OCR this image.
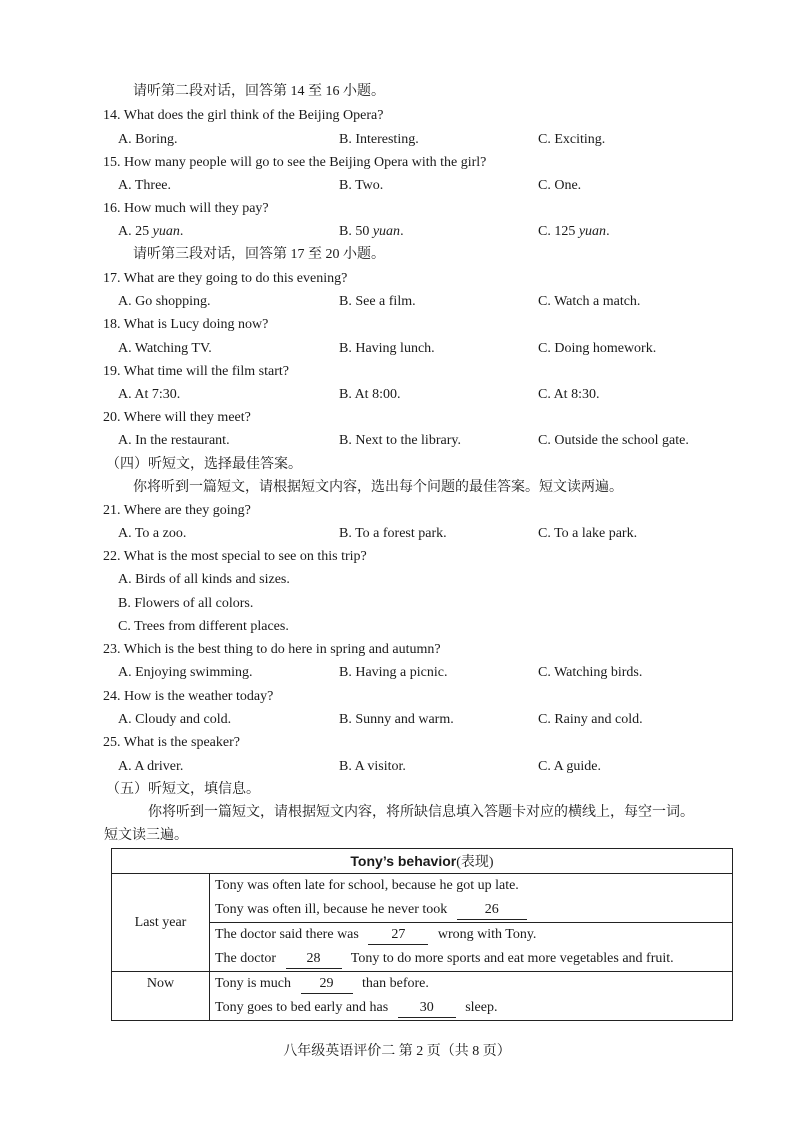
请听第二段对话，回答第 14 至 16 小题。
14. What does the girl think of the Beijing Opera?
A. Boring.	B. Interesting.	C. Exciting.
15. How many people will go to see the Beijing Opera with the girl?
A. Three.	B. Two.	C. One.
16. How much will they pay?
A. 25 yuan.	B. 50 yuan.	C. 125 yuan.
请听第三段对话，回答第 17 至 20 小题。
17. What are they going to do this evening?
A. Go shopping.	B. See a film.	C. Watch a match.
18. What is Lucy doing now?
A. Watching TV.	B. Having lunch.	C. Doing homework.
19. What time will the film start?
A. At 7:30.	B. At 8:00.	C. At 8:30.
20. Where will they meet?
A. In the restaurant.	B. Next to the library.	C. Outside the school gate.
（四）听短文，选择最佳答案。
你将听到一篇短文，请根据短文内容，选出每个问题的最佳答案。短文读两遍。
21. Where are they going?
A. To a zoo.	B. To a forest park.	C. To a lake park.
22. What is the most special to see on this trip?
A. Birds of all kinds and sizes.
B. Flowers of all colors.
C. Trees from different places.
23. Which is the best thing to do here in spring and autumn?
A. Enjoying swimming.	B. Having a picnic.	C. Watching birds.
24. How is the weather today?
A. Cloudy and cold.	B. Sunny and warm.	C. Rainy and cold.
25. What is the speaker?
A. A driver.	B. A visitor.	C. A guide.
（五）听短文，填信息。
你将听到一篇短文，请根据短文内容，将所缺信息填入答题卡对应的横线上，每空一词。
短文读三遍。
Tony’s behavior(表现)	
Last year	Tony was often late for school, because he got up late.
Tony was often ill, because he never took 26
The doctor said there was 27 wrong with Tony.
The doctor 28 Tony to do more sports and eat more vegetables and fruit.

Now	Tony is much 29 than before.
Tony goes to bed early and has 30 sleep.
八年级英语评价二 第 2 页（共 8 页）
